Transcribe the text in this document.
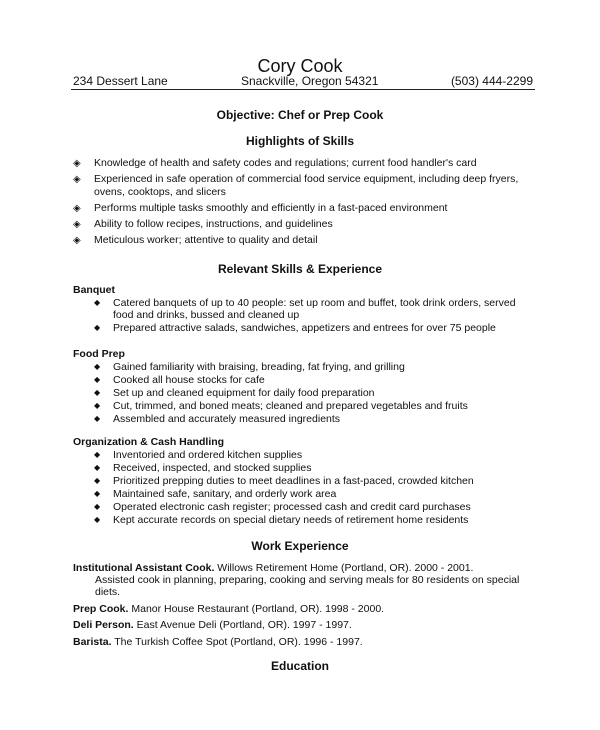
Cory Cook
234 Dessert Lane	Snackville, Oregon 54321	(503) 444-2299
Objective: Chef or Prep Cook
Highlights of Skills
◈ Knowledge of health and safety codes and regulations; current food handler's card
◈ Experienced in safe operation of commercial food service equipment, including deep fryers, ovens, cooktops, and slicers
◈ Performs multiple tasks smoothly and efficiently in a fast-paced environment
◈ Ability to follow recipes, instructions, and guidelines
◈ Meticulous worker; attentive to quality and detail
Relevant Skills & Experience
Banquet
◆ Catered banquets of up to 40 people: set up room and buffet, took drink orders, served food and drinks, bussed and cleaned up
◆ Prepared attractive salads, sandwiches, appetizers and entrees for over 75 people
Food Prep
◆ Gained familiarity with braising, breading, fat frying, and grilling
◆ Cooked all house stocks for cafe
◆ Set up and cleaned equipment for daily food preparation
◆ Cut, trimmed, and boned meats; cleaned and prepared vegetables and fruits
◆ Assembled and accurately measured ingredients
Organization & Cash Handling
◆ Inventoried and ordered kitchen supplies
◆ Received, inspected, and stocked supplies
◆ Prioritized prepping duties to meet deadlines in a fast-paced, crowded kitchen
◆ Maintained safe, sanitary, and orderly work area
◆ Operated electronic cash register; processed cash and credit card purchases
◆ Kept accurate records on special dietary needs of retirement home residents
Work Experience
Institutional Assistant Cook. Willows Retirement Home (Portland, OR). 2000 - 2001.
Assisted cook in planning, preparing, cooking and serving meals for 80 residents on special diets.
Prep Cook. Manor House Restaurant (Portland, OR). 1998 - 2000.
Deli Person. East Avenue Deli (Portland, OR). 1997 - 1997.
Barista. The Turkish Coffee Spot (Portland, OR). 1996 - 1997.
Education
